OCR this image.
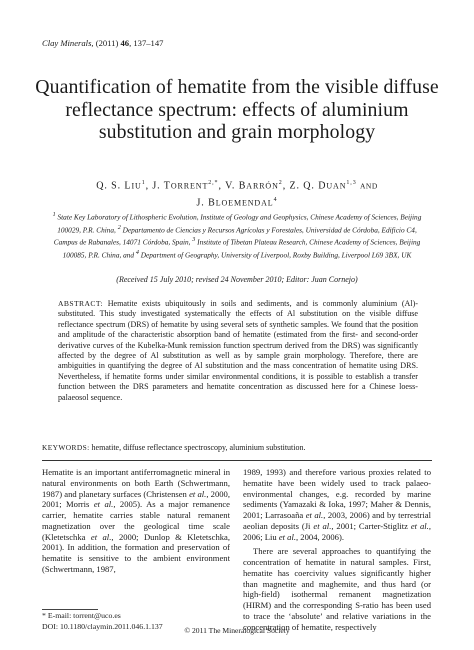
Clay Minerals, (2011) 46, 137–147
Quantification of hematite from the visible diffuse reflectance spectrum: effects of aluminium substitution and grain morphology
Q. S. LIU$^1$, J. $TORRENT^{2,*}$, V. BARRÓN$^2$, Z. Q. DUAN$^{1,3}$ AND
J. BLOEMENDAL$^4$
$^1$ State Key Laboratory of Lithospheric Evolution, Institute of Geology and Geophysics, Chinese Academy of Sciences, Beijing 100029, P.R. China, $^2$ Departamento de Ciencias y Recursos Agrícolas y Forestales, Universidad de Córdoba, Edificio C4, Campus de Rabanales, 14071 Córdoba, Spain, $^3$ Institute of Tibetan Plateau Research, Chinese Academy of Sciences, Beijing 100085, P.R. China, and $^4$ Department of Geography, University of Liverpool, Roxby Building, Liverpool L69 3BX, UK
(Received 15 July 2010; revised 24 November 2010; Editor: Juan Cornejo)
ABSTRACT: Hematite exists ubiquitously in soils and sediments, and is commonly aluminium (Al)-substituted. This study investigated systematically the effects of Al substitution on the visible diffuse reflectance spectrum (DRS) of hematite by using several sets of synthetic samples. We found that the position and amplitude of the characteristic absorption band of hematite (estimated from the first- and second-order derivative curves of the Kubelka-Munk remission function spectrum derived from the DRS) was significantly affected by the degree of Al substitution as well as by sample grain morphology. Therefore, there are ambiguities in quantifying the degree of Al substitution and the mass concentration of hematite using DRS. Nevertheless, if hematite forms under similar environmental conditions, it is possible to establish a transfer function between the DRS parameters and hematite concentration as discussed here for a Chinese loess-palaeosol sequence.
KEYWORDS: hematite, diffuse reflectance spectroscopy, aluminium substitution.
Hematite is an important antiferromagnetic mineral in natural environments on both Earth (Schwertmann, 1987) and planetary surfaces (Christensen et al., 2000, 2001; Morris et al., 2005). As a major remanence carrier, hematite carries stable natural remanent magnetization over the geological time scale (Kletetschka et al., 2000; Dunlop & Kletetschka, 2001). In addition, the formation and preservation of hematite is sensitive to the ambient environment (Schwertmann, 1987,
1989, 1993) and therefore various proxies related to hematite have been widely used to track palaeo-environmental changes, e.g. recorded by marine sediments (Yamazaki & Ioka, 1997; Maher & Dennis, 2001; Larrasoaña et al., 2003, 2006) and by terrestrial aeolian deposits (Ji et al., 2001; Carter-Stiglitz et al., 2006; Liu et al., 2004, 2006).
There are several approaches to quantifying the concentration of hematite in natural samples. First, hematite has coercivity values significantly higher than magnetite and maghemite, and thus hard (or high-field) isothermal remanent magnetization (HIRM) and the corresponding S-ratio has been used to trace the ‘absolute’ and relative variations in the concentration of hematite, respectively
* E-mail: torrent@uco.es
DOI: 10.1180/claymin.2011.046.1.137	© 2011 The Mineralogical Society
